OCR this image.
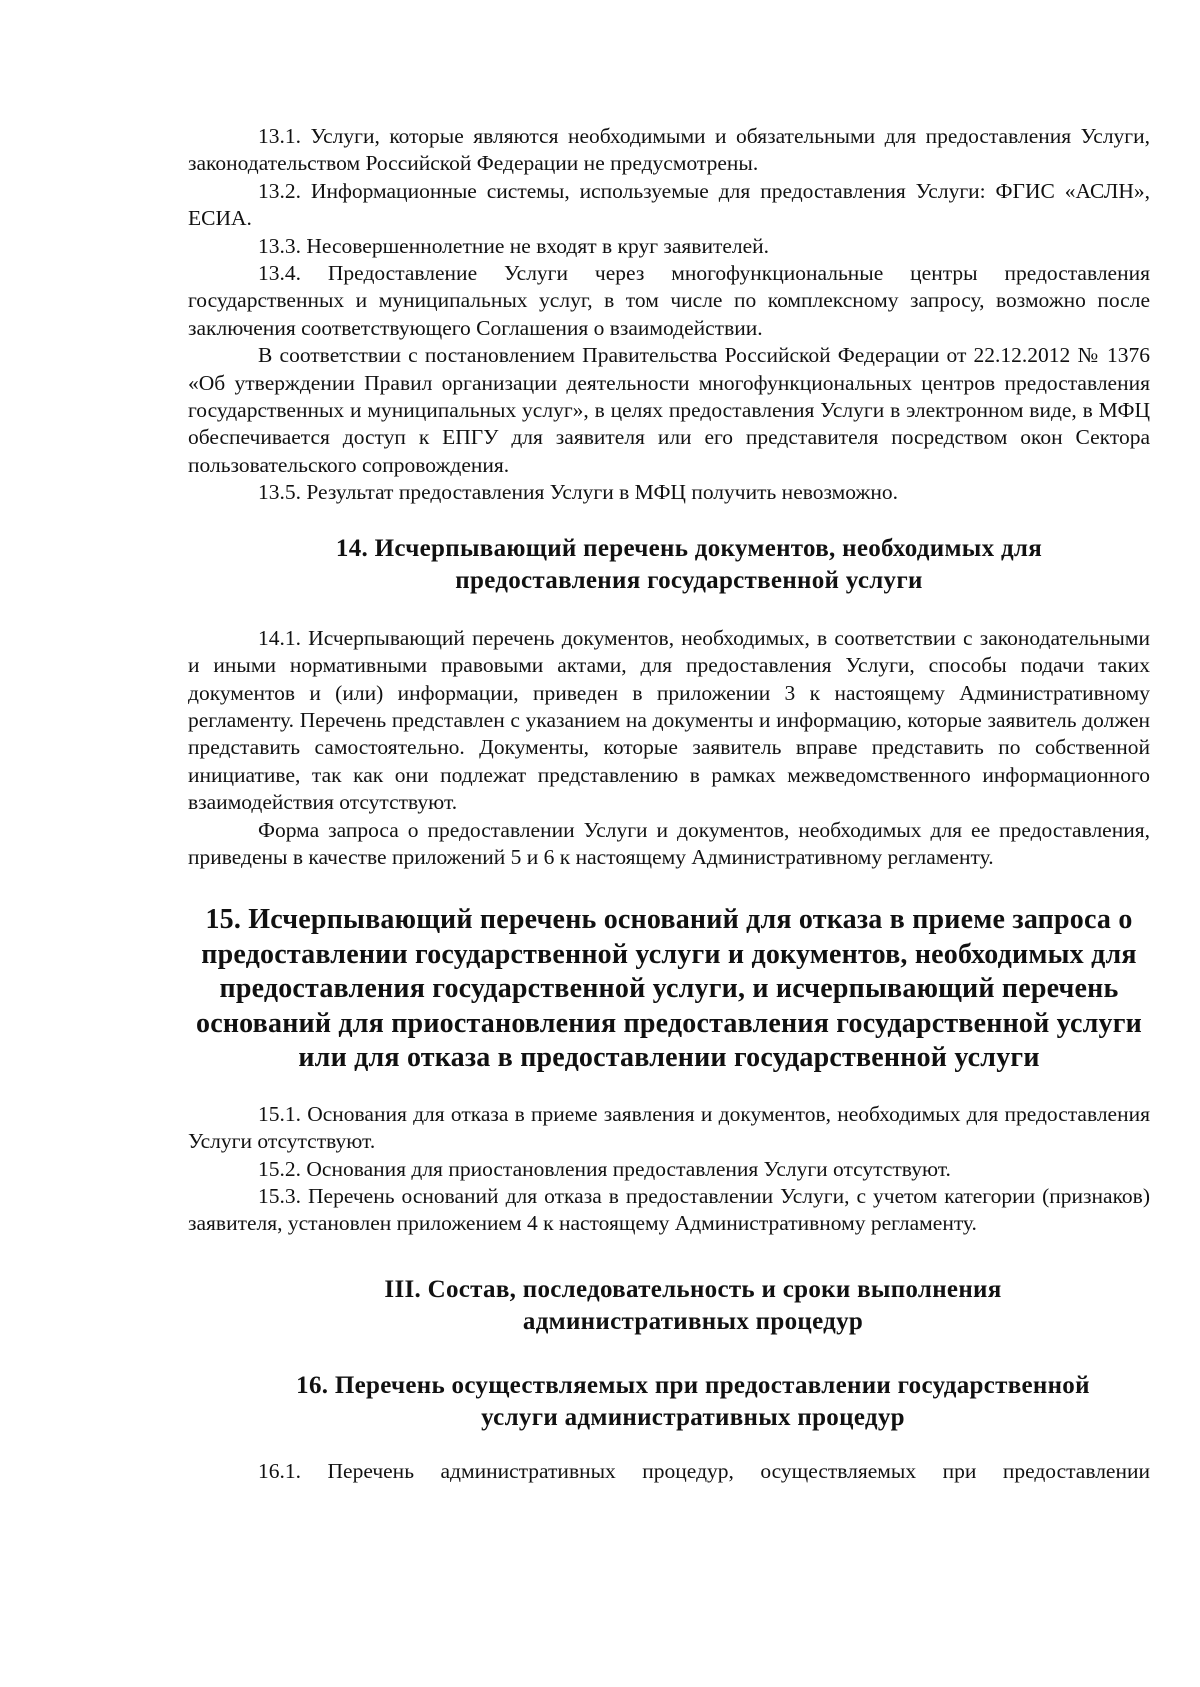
13.1. Услуги, которые являются необходимыми и обязательными для предоставления Услуги, законодательством Российской Федерации не предусмотрены.

13.2. Информационные системы, используемые для предоставления Услуги: ФГИС «АСЛН», ЕСИА.

13.3. Несовершеннолетние не входят в круг заявителей.

13.4. Предоставление Услуги через многофункциональные центры предоставления государственных и муниципальных услуг, в том числе по комплексному запросу, возможно после заключения соответствующего Соглашения о взаимодействии.

В соответствии с постановлением Правительства Российской Федерации от 22.12.2012 № 1376 «Об утверждении Правил организации деятельности многофункциональных центров предоставления государственных и муниципальных услуг», в целях предоставления Услуги в электронном виде, в МФЦ обеспечивается доступ к ЕПГУ для заявителя или его представителя посредством окон Сектора пользовательского сопровождения.

13.5. Результат предоставления Услуги в МФЦ получить невозможно.

14. Исчерпывающий перечень документов, необходимых для
предоставления государственной услуги

14.1. Исчерпывающий перечень документов, необходимых, в соответствии с законодательными и иными нормативными правовыми актами, для предоставления Услуги, способы подачи таких документов и (или) информации, приведен в приложении 3 к настоящему Административному регламенту. Перечень представлен с указанием на документы и информацию, которые заявитель должен представить самостоятельно. Документы, которые заявитель вправе представить по собственной инициативе, так как они подлежат представлению в рамках межведомственного информационного взаимодействия отсутствуют.

Форма запроса о предоставлении Услуги и документов, необходимых для ее предоставления, приведены в качестве приложений 5 и 6 к настоящему Административному регламенту.

15. Исчерпывающий перечень оснований для отказа в приеме запроса о
предоставлении государственной услуги и документов, необходимых для
предоставления государственной услуги, и исчерпывающий перечень
оснований для приостановления предоставления государственной услуги
или для отказа в предоставлении государственной услуги

15.1. Основания для отказа в приеме заявления и документов, необходимых для предоставления Услуги отсутствуют.

15.2. Основания для приостановления предоставления Услуги отсутствуют.

15.3. Перечень оснований для отказа в предоставлении Услуги, с учетом категории (признаков) заявителя, установлен приложением 4 к настоящему Административному регламенту.

III. Состав, последовательность и сроки выполнения
административных процедур
16. Перечень осуществляемых при предоставлении государственной
услуги административных процедур

16.1. Перечень административных процедур, осуществляемых при предоставлении
